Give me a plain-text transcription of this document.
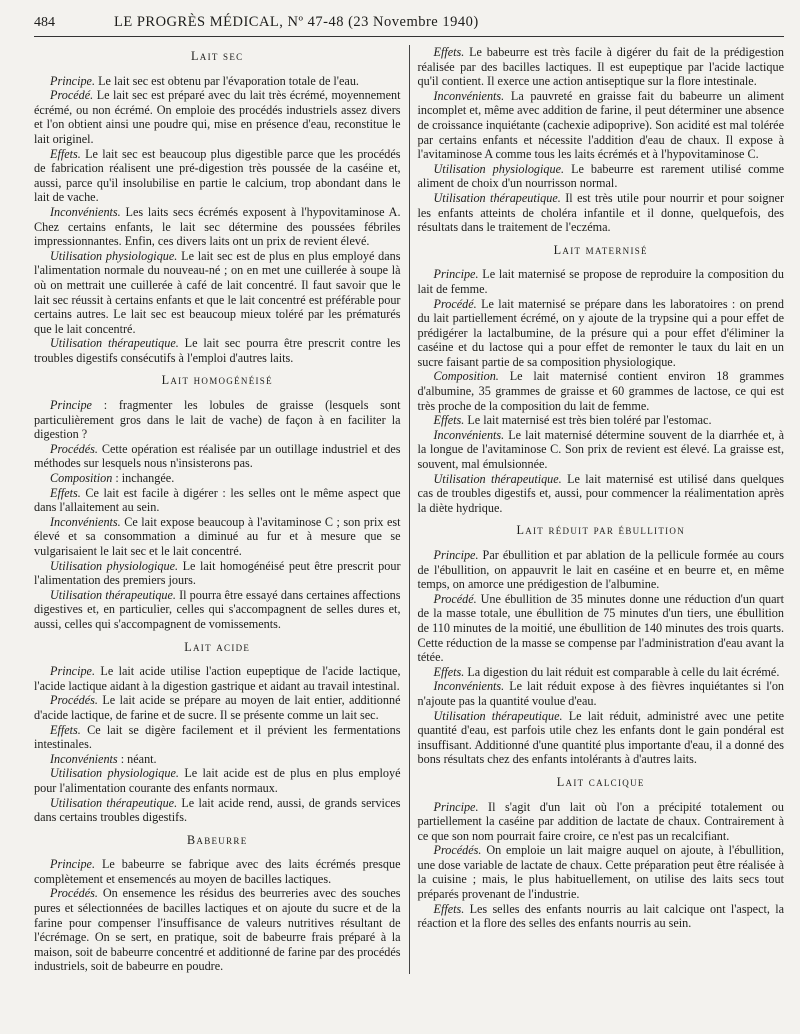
484	LE PROGRÈS MÉDICAL, Nº 47-48 (23 Novembre 1940)
Lait sec

Principe. Le lait sec est obtenu par l'évaporation totale de l'eau.

Procédé. Le lait sec est préparé avec du lait très écrémé, moyennement écrémé, ou non écrémé. On emploie des procédés industriels assez divers et l'on obtient ainsi une poudre qui, mise en présence d'eau, reconstitue le lait originel.

Effets. Le lait sec est beaucoup plus digestible parce que les procédés de fabrication réalisent une pré-digestion très poussée de la caséine et, aussi, parce qu'il insolubilise en partie le calcium, trop abondant dans le lait de vache.

Inconvénients. Les laits secs écrémés exposent à l'hypovitaminose A. Chez certains enfants, le lait sec détermine des poussées fébriles impressionnantes. Enfin, ces divers laits ont un prix de revient élevé.

Utilisation physiologique. Le lait sec est de plus en plus employé dans l'alimentation normale du nouveau-né ; on en met une cuillerée à soupe là où on mettrait une cuillerée à café de lait concentré. Il faut savoir que le lait sec réussit à certains enfants et que le lait concentré est préférable pour certains autres. Le lait sec est beaucoup mieux toléré par les prématurés que le lait concentré.

Utilisation thérapeutique. Le lait sec pourra être prescrit contre les troubles digestifs consécutifs à l'emploi d'autres laits.

Lait homogénéisé

Principe : fragmenter les lobules de graisse (lesquels sont particulièrement gros dans le lait de vache) de façon à en faciliter la digestion ?

Procédés. Cette opération est réalisée par un outillage industriel et des méthodes sur lesquels nous n'insisterons pas.

Composition : inchangée.

Effets. Ce lait est facile à digérer : les selles ont le même aspect que dans l'allaitement au sein.

Inconvénients. Ce lait expose beaucoup à l'avitaminose C ; son prix est élevé et sa consommation a diminué au fur et à mesure que se vulgarisaient le lait sec et le lait concentré.

Utilisation physiologique. Le lait homogénéisé peut être prescrit pour l'alimentation des premiers jours.

Utilisation thérapeutique. Il pourra être essayé dans certaines affections digestives et, en particulier, celles qui s'accompagnent de selles dures et, aussi, celles qui s'accompagnent de vomissements.

Lait acide

Principe. Le lait acide utilise l'action eupeptique de l'acide lactique, l'acide lactique aidant à la digestion gastrique et aidant au travail intestinal.

Procédés. Le lait acide se prépare au moyen de lait entier, additionné d'acide lactique, de farine et de sucre. Il se présente comme un lait sec.

Effets. Ce lait se digère facilement et il prévient les fermentations intestinales.

Inconvénients : néant.

Utilisation physiologique. Le lait acide est de plus en plus employé pour l'alimentation courante des enfants normaux.

Utilisation thérapeutique. Le lait acide rend, aussi, de grands services dans certains troubles digestifs.

Babeurre

Principe. Le babeurre se fabrique avec des laits écrémés presque complètement et ensemencés au moyen de bacilles lactiques.

Procédés. On ensemence les résidus des beurreries avec des souches pures et sélectionnées de bacilles lactiques et on ajoute du sucre et de la farine pour compenser l'insuffisance de valeurs nutritives résultant de l'écrémage. On se sert, en pratique, soit de babeurre frais préparé à la maison, soit de babeurre concentré et additionné de farine par des procédés industriels, soit de babeurre en poudre.

Effets. Le babeurre est très facile à digérer du fait de la prédigestion réalisée par des bacilles lactiques. Il est eupeptique par l'acide lactique qu'il contient. Il exerce une action antiseptique sur la flore intestinale.

Inconvénients. La pauvreté en graisse fait du babeurre un aliment incomplet et, même avec addition de farine, il peut déterminer une absence de croissance inquiétante (cachexie adipoprive). Son acidité est mal tolérée par certains enfants et nécessite l'addition d'eau de chaux. Il expose à l'avitaminose A comme tous les laits écrémés et à l'hypovitaminose C.

Utilisation physiologique. Le babeurre est rarement utilisé comme aliment de choix d'un nourrisson normal.

Utilisation thérapeutique. Il est très utile pour nourrir et pour soigner les enfants atteints de choléra infantile et il donne, quelquefois, des résultats dans le traitement de l'eczéma.

Lait maternisé

Principe. Le lait maternisé se propose de reproduire la composition du lait de femme.

Procédé. Le lait maternisé se prépare dans les laboratoires : on prend du lait partiellement écrémé, on y ajoute de la trypsine qui a pour effet de prédigérer la lactalbumine, de la présure qui a pour effet d'éliminer la caséine et du lactose qui a pour effet de remonter le taux du lait en un sucre faisant partie de sa composition physiologique.

Composition. Le lait maternisé contient environ 18 grammes d'albumine, 35 grammes de graisse et 60 grammes de lactose, ce qui est très proche de la composition du lait de femme.

Effets. Le lait maternisé est très bien toléré par l'estomac.

Inconvénients. Le lait maternisé détermine souvent de la diarrhée et, à la longue de l'avitaminose C. Son prix de revient est élevé. La graisse est, souvent, mal émulsionnée.

Utilisation thérapeutique. Le lait maternisé est utilisé dans quelques cas de troubles digestifs et, aussi, pour commencer la réalimentation après la diète hydrique.

Lait réduit par ébullition

Principe. Par ébullition et par ablation de la pellicule formée au cours de l'ébullition, on appauvrit le lait en caséine et en beurre et, en même temps, on amorce une prédigestion de l'albumine.

Procédé. Une ébullition de 35 minutes donne une réduction d'un quart de la masse totale, une ébullition de 75 minutes d'un tiers, une ébullition de 110 minutes de la moitié, une ébullition de 140 minutes des trois quarts. Cette réduction de la masse se compense par l'administration d'eau avant la tétée.

Effets. La digestion du lait réduit est comparable à celle du lait écrémé.

Inconvénients. Le lait réduit expose à des fièvres inquiétantes si l'on n'ajoute pas la quantité voulue d'eau.

Utilisation thérapeutique. Le lait réduit, administré avec une petite quantité d'eau, est parfois utile chez les enfants dont le gain pondéral est insuffisant. Additionné d'une quantité plus importante d'eau, il a donné des bons résultats chez des enfants intolérants à d'autres laits.

Lait calcique

Principe. Il s'agit d'un lait où l'on a précipité totalement ou partiellement la caséine par addition de lactate de chaux. Contrairement à ce que son nom pourrait faire croire, ce n'est pas un recalcifiant.

Procédés. On emploie un lait maigre auquel on ajoute, à l'ébullition, une dose variable de lactate de chaux. Cette préparation peut être réalisée à la cuisine ; mais, le plus habituellement, on utilise des laits secs tout préparés provenant de l'industrie.

Effets. Les selles des enfants nourris au lait calcique ont l'aspect, la réaction et la flore des selles des enfants nourris au sein.
